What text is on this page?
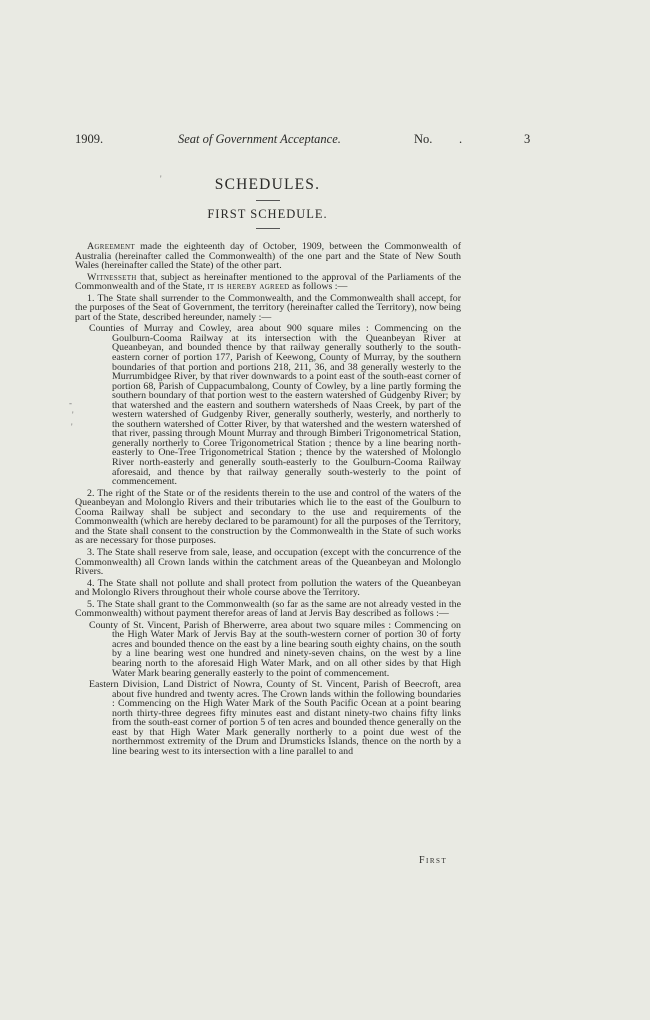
1909.	Seat of Government Acceptance.	No. .	3
SCHEDULES.
FIRST SCHEDULE.

Agreement made the eighteenth day of October, 1909, between the Commonwealth of Australia (hereinafter called the Commonwealth) of the one part and the State of New South Wales (hereinafter called the State) of the other part.

Witnesseth that, subject as hereinafter mentioned to the approval of the Parliaments of the Commonwealth and of the State, it is hereby agreed as follows :—

1. The State shall surrender to the Commonwealth, and the Commonwealth shall accept, for the purposes of the Seat of Government, the territory (hereinafter called the Territory), now being part of the State, described hereunder, namely :—

Counties of Murray and Cowley, area about 900 square miles : Commencing on the Goulburn-Cooma Railway at its intersection with the Queanbeyan River at Queanbeyan, and bounded thence by that railway generally southerly to the south-eastern corner of portion 177, Parish of Keewong, County of Murray, by the southern boundaries of that portion and portions 218, 211, 36, and 38 generally westerly to the Murrumbidgee River, by that river downwards to a point east of the south-east corner of portion 68, Parish of Cuppacumbalong, County of Cowley, by a line partly forming the southern boundary of that portion west to the eastern watershed of Gudgenby River; by that watershed and the eastern and southern watersheds of Naas Creek, by part of the western watershed of Gudgenby River, generally southerly, westerly, and northerly to the southern watershed of Cotter River, by that watershed and the western watershed of that river, passing through Mount Murray and through Bimberi Trigonometrical Station, generally northerly to Coree Trigonometrical Station ; thence by a line bearing north-easterly to One-Tree Trigonometrical Station ; thence by the watershed of Molonglo River north-easterly and generally south-easterly to the Goulburn-Cooma Railway aforesaid, and thence by that railway generally south-westerly to the point of commencement.

2. The right of the State or of the residents therein to the use and control of the waters of the Queanbeyan and Molonglo Rivers and their tributaries which lie to the east of the Goulburn to Cooma Railway shall be subject and secondary to the use and requirements of the Commonwealth (which are hereby declared to be paramount) for all the purposes of the Territory, and the State shall consent to the construction by the Commonwealth in the State of such works as are necessary for those purposes.

3. The State shall reserve from sale, lease, and occupation (except with the concurrence of the Commonwealth) all Crown lands within the catchment areas of the Queanbeyan and Molonglo Rivers.

4. The State shall not pollute and shall protect from pollution the waters of the Queanbeyan and Molonglo Rivers throughout their whole course above the Territory.

5. The State shall grant to the Commonwealth (so far as the same are not already vested in the Commonwealth) without payment therefor areas of land at Jervis Bay described as follows :—

County of St. Vincent, Parish of Bherwerre, area about two square miles : Commencing on the High Water Mark of Jervis Bay at the south-western corner of portion 30 of forty acres and bounded thence on the east by a line bearing south eighty chains, on the south by a line bearing west one hundred and ninety-seven chains, on the west by a line bearing north to the aforesaid High Water Mark, and on all other sides by that High Water Mark bearing generally easterly to the point of commencement.

Eastern Division, Land District of Nowra, County of St. Vincent, Parish of Beecroft, area about five hundred and twenty acres. The Crown lands within the following boundaries : Commencing on the High Water Mark of the South Pacific Ocean at a point bearing north thirty-three degrees fifty minutes east and distant ninety-two chains fifty links from the south-east corner of portion 5 of ten acres and bounded thence generally on the east by that High Water Mark generally northerly to a point due west of the northernmost extremity of the Drum and Drumsticks Islands, thence on the north by a line bearing west to its intersection with a line parallel to and

First
'
-
'
'
